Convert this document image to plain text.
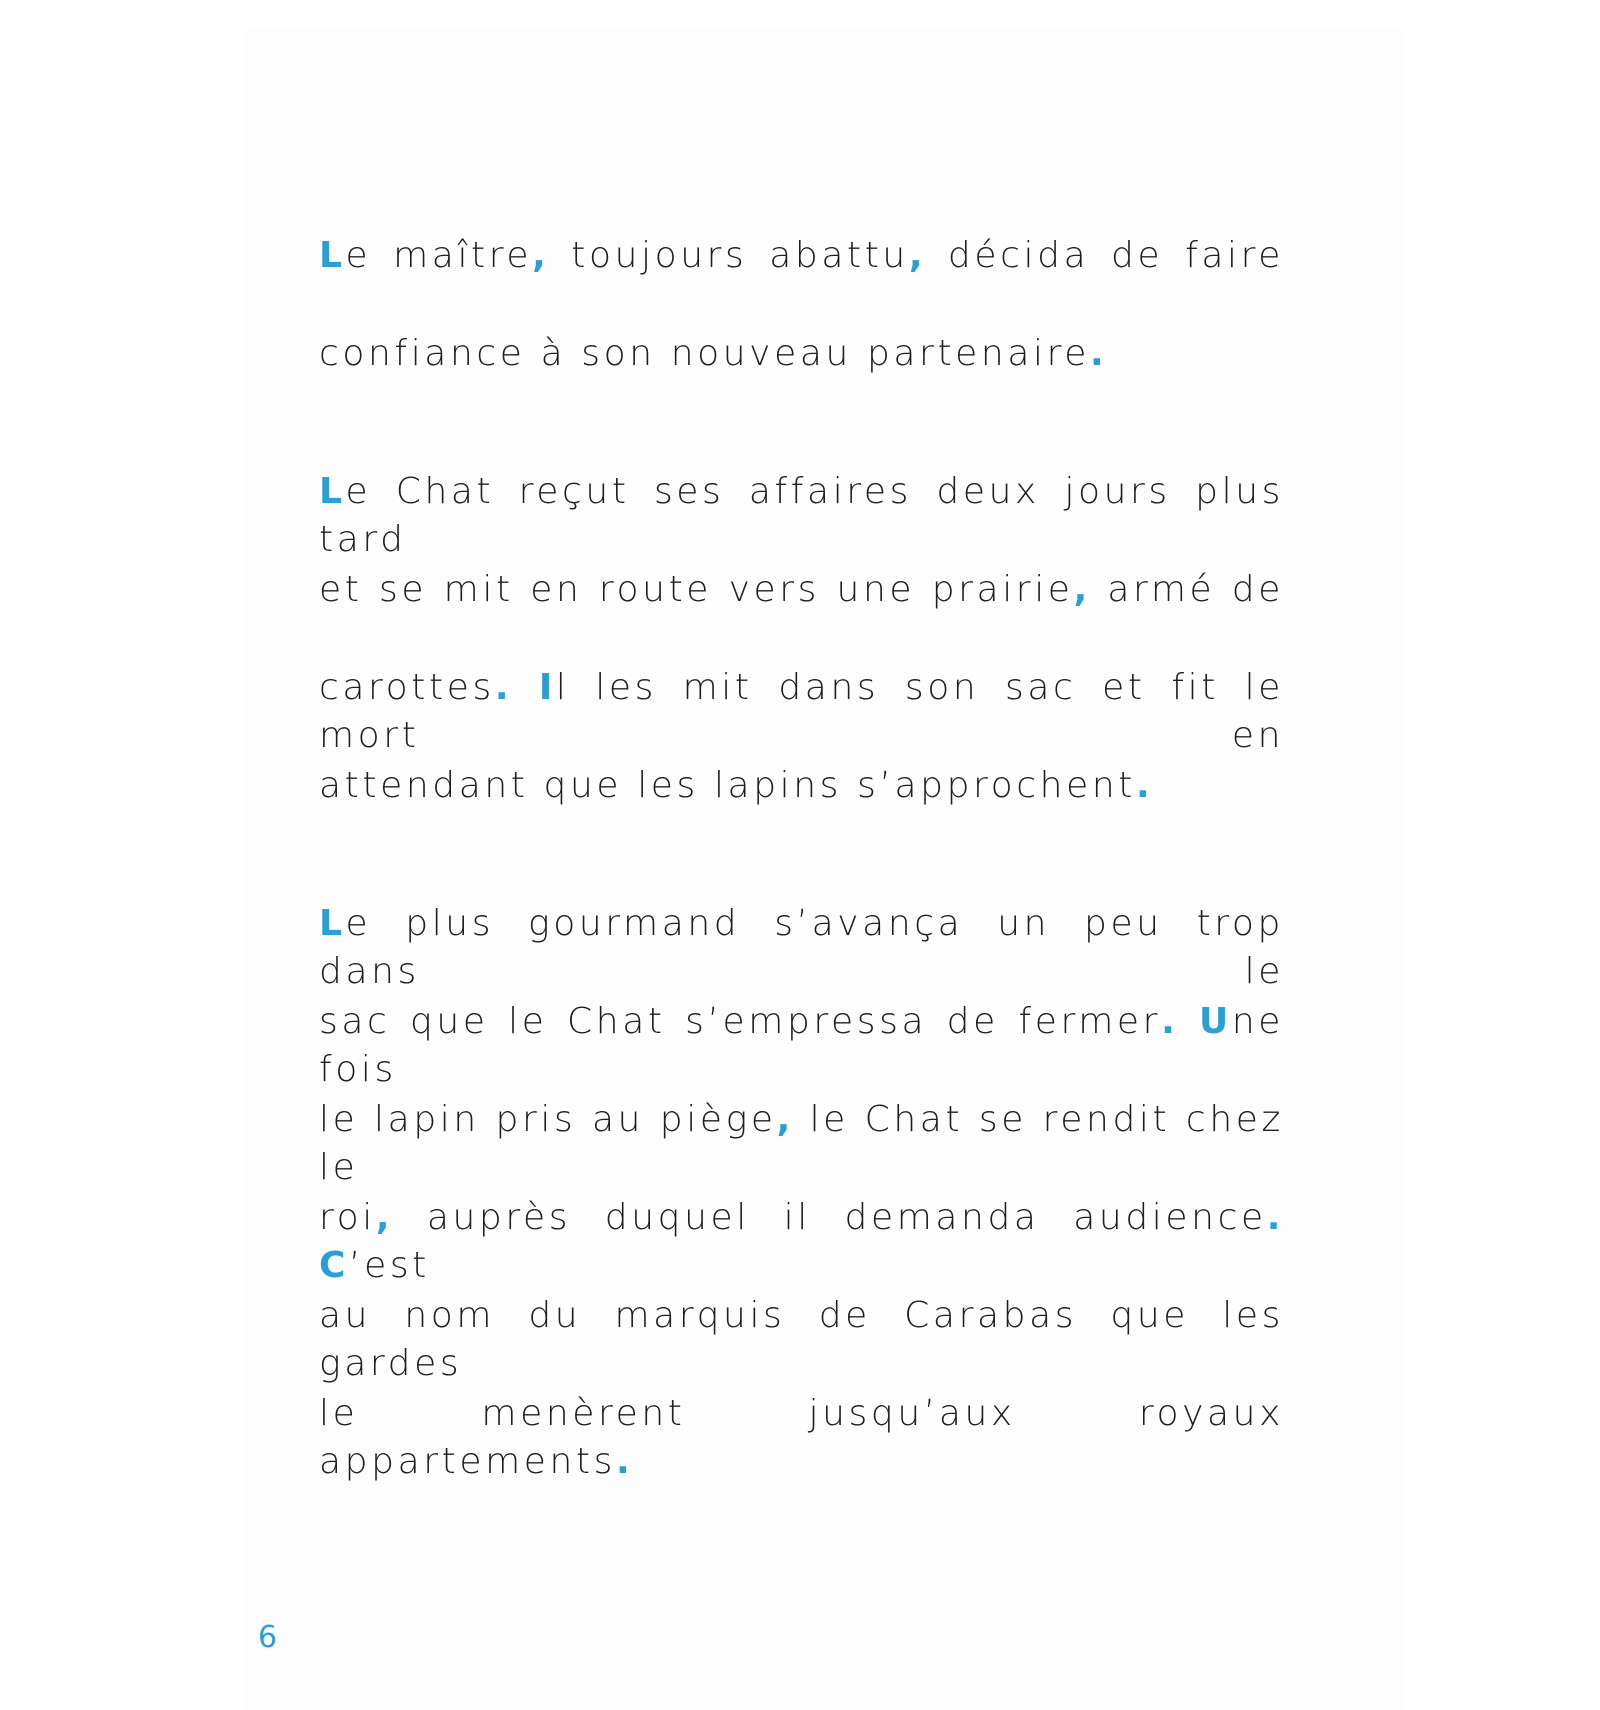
Le maître, toujours abattu, décida de faire
confiance à son nouveau partenaire.
Le Chat reçut ses affaires deux jours plus tard
et se mit en route vers une prairie, armé de
carottes. Il les mit dans son sac et fit le mort en
attendant que les lapins s’approchent.
Le plus gourmand s’avança un peu trop dans le
sac que le Chat s’empressa de fermer. Une fois
le lapin pris au piège, le Chat se rendit chez le
roi, auprès duquel il demanda audience. C’est
au nom du marquis de Carabas que les gardes
le menèrent jusqu’aux royaux appartements.
6
